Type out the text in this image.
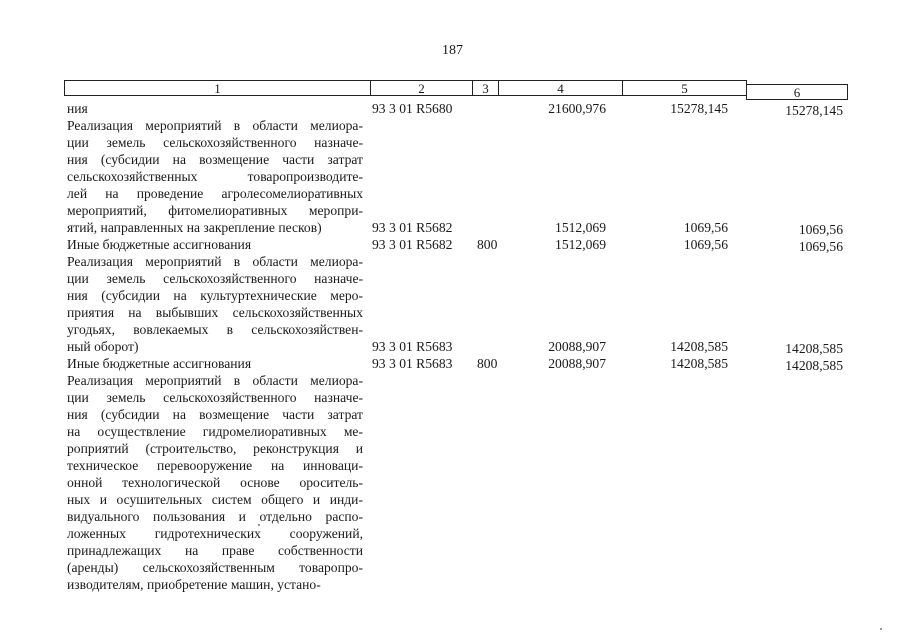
187
1	2	3	4	5	6
ния	93 3 01 R5680	21600,976	15278,145	15278,145
Реализация мероприятий в области мелиора-
ции земель сельскохозяйственного назначе-
ния (субсидии на возмещение части затрат
сельскохозяйственных товаропроизводите-
лей на проведение агролесомелиоративных
мероприятий, фитомелиоративных меропри-
ятий, направленных на закрепление песков)	93 3 01 R5682	1512,069	1069,56	1069,56
Иные бюджетные ассигнования	93 3 01 R5682 800	1512,069	1069,56	1069,56
Реализация мероприятий в области мелиора-
ции земель сельскохозяйственного назначе-
ния (субсидии на культуртехнические меро-
приятия на выбывших сельскохозяйственных
угодьях, вовлекаемых в сельскохозяйствен-
ный оборот)	93 3 01 R5683	20088,907	14208,585	14208,585
Иные бюджетные ассигнования	93 3 01 R5683 800	20088,907	14208,585	14208,585
Реализация мероприятий в области мелиора-
ции земель сельскохозяйственного назначе-
ния (субсидии на возмещение части затрат
на осуществление гидромелиоративных ме-
роприятий (строительство, реконструкция и
техническое перевооружение на инноваци-
онной технологической основе ороситель-
ных и осушительных систем общего и инди-
видуального пользования и отдельно распо-
ложенных гидротехнических сооружений,
принадлежащих на праве собственности
(аренды) сельскохозяйственным товаропро-
изводителям, приобретение машин, устано-
